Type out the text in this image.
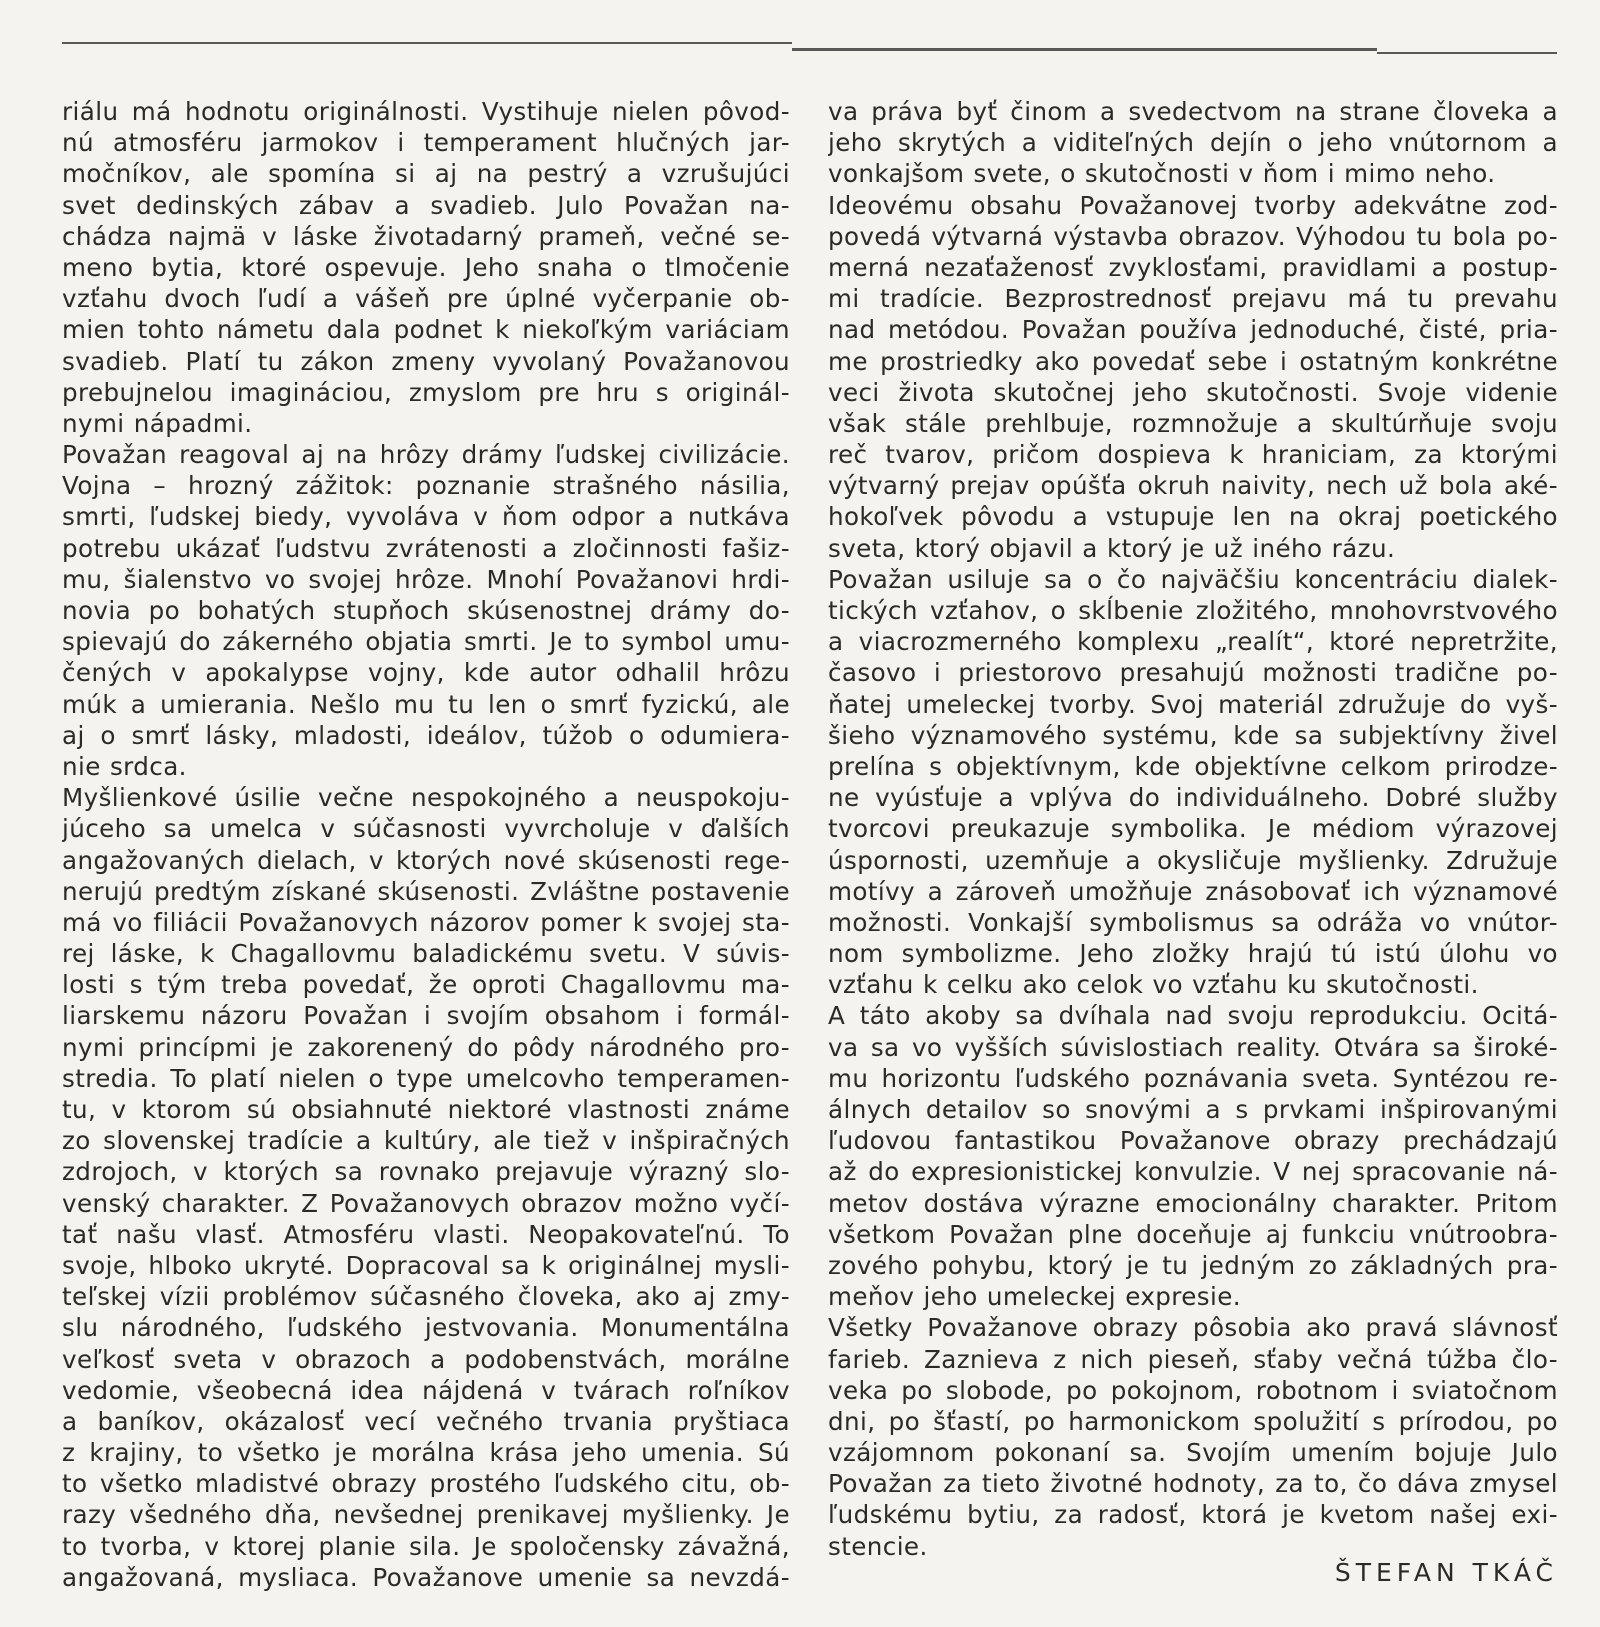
riálu má hodnotu originálnosti. Vystihuje nielen pôvod-
nú atmosféru jarmokov i temperament hlučných jar-
močníkov, ale spomína si aj na pestrý a vzrušujúci
svet dedinských zábav a svadieb. Julo Považan na-
chádza najmä v láske životadarný prameň, večné se-
meno bytia, ktoré ospevuje. Jeho snaha o tlmočenie
vzťahu dvoch ľudí a vášeň pre úplné vyčerpanie ob-
mien tohto námetu dala podnet k niekoľkým variáciam
svadieb. Platí tu zákon zmeny vyvolaný Považanovou
prebujnelou imagináciou, zmyslom pre hru s originál-
nymi nápadmi.
Považan reagoval aj na hrôzy drámy ľudskej civilizácie.
Vojna – hrozný zážitok: poznanie strašného násilia,
smrti, ľudskej biedy, vyvoláva v ňom odpor a nutkáva
potrebu ukázať ľudstvu zvrátenosti a zločinnosti fašiz-
mu, šialenstvo vo svojej hrôze. Mnohí Považanovi hrdi-
novia po bohatých stupňoch skúsenostnej drámy do-
spievajú do zákerného objatia smrti. Je to symbol umu-
čených v apokalypse vojny, kde autor odhalil hrôzu
múk a umierania. Nešlo mu tu len o smrť fyzickú, ale
aj o smrť lásky, mladosti, ideálov, túžob o odumiera-
nie srdca.
Myšlienkové úsilie večne nespokojného a neuspokoju-
júceho sa umelca v súčasnosti vyvrcholuje v ďalších
angažovaných dielach, v ktorých nové skúsenosti rege-
nerujú predtým získané skúsenosti. Zvláštne postavenie
má vo filiácii Považanovych názorov pomer k svojej sta-
rej láske, k Chagallovmu baladickému svetu. V súvis-
losti s tým treba povedať, že oproti Chagallovmu ma-
liarskemu názoru Považan i svojím obsahom i formál-
nymi princípmi je zakorenený do pôdy národného pro-
stredia. To platí nielen o type umelcovho temperamen-
tu, v ktorom sú obsiahnuté niektoré vlastnosti známe
zo slovenskej tradície a kultúry, ale tiež v inšpiračných
zdrojoch, v ktorých sa rovnako prejavuje výrazný slo-
venský charakter. Z Považanovych obrazov možno vyčí-
tať našu vlasť. Atmosféru vlasti. Neopakovateľnú. To
svoje, hlboko ukryté. Dopracoval sa k originálnej mysli-
teľskej vízii problémov súčasného človeka, ako aj zmy-
slu národného, ľudského jestvovania. Monumentálna
veľkosť sveta v obrazoch a podobenstvách, morálne
vedomie, všeobecná idea nájdená v tvárach roľníkov
a baníkov, okázalosť vecí večného trvania pryštiaca
z krajiny, to všetko je morálna krása jeho umenia. Sú
to všetko mladistvé obrazy prostého ľudského citu, ob-
razy všedného dňa, nevšednej prenikavej myšlienky. Je
to tvorba, v ktorej planie sila. Je spoločensky závažná,
angažovaná, mysliaca. Považanove umenie sa nevzdá-
va práva byť činom a svedectvom na strane človeka a
jeho skrytých a viditeľných dejín o jeho vnútornom a
vonkajšom svete, o skutočnosti v ňom i mimo neho.
Ideovému obsahu Považanovej tvorby adekvátne zod-
povedá výtvarná výstavba obrazov. Výhodou tu bola po-
merná nezaťaženosť zvyklosťami, pravidlami a postup-
mi tradície. Bezprostrednosť prejavu má tu prevahu
nad metódou. Považan používa jednoduché, čisté, pria-
me prostriedky ako povedať sebe i ostatným konkrétne
veci života skutočnej jeho skutočnosti. Svoje videnie
však stále prehlbuje, rozmnožuje a skultúrňuje svoju
reč tvarov, pričom dospieva k hraniciam, za ktorými
výtvarný prejav opúšťa okruh naivity, nech už bola aké-
hokoľvek pôvodu a vstupuje len na okraj poetického
sveta, ktorý objavil a ktorý je už iného rázu.
Považan usiluje sa o čo najväčšiu koncentráciu dialek-
tických vzťahov, o skĺbenie zložitého, mnohovrstvového
a viacrozmerného komplexu „realít“, ktoré nepretržite,
časovo i priestorovo presahujú možnosti tradične po-
ňatej umeleckej tvorby. Svoj materiál združuje do vyš-
šieho významového systému, kde sa subjektívny živel
prelína s objektívnym, kde objektívne celkom prirodze-
ne vyúsťuje a vplýva do individuálneho. Dobré služby
tvorcovi preukazuje symbolika. Je médiom výrazovej
úspornosti, uzemňuje a okysličuje myšlienky. Združuje
motívy a zároveň umožňuje znásobovať ich významové
možnosti. Vonkajší symbolismus sa odráža vo vnútor-
nom symbolizme. Jeho zložky hrajú tú istú úlohu vo
vzťahu k celku ako celok vo vzťahu ku skutočnosti.
A táto akoby sa dvíhala nad svoju reprodukciu. Ocitá-
va sa vo vyšších súvislostiach reality. Otvára sa široké-
mu horizontu ľudského poznávania sveta. Syntézou re-
álnych detailov so snovými a s prvkami inšpirovanými
ľudovou fantastikou Považanove obrazy prechádzajú
až do expresionistickej konvulzie. V nej spracovanie ná-
metov dostáva výrazne emocionálny charakter. Pritom
všetkom Považan plne doceňuje aj funkciu vnútroobra-
zového pohybu, ktorý je tu jedným zo základných pra-
meňov jeho umeleckej expresie.
Všetky Považanove obrazy pôsobia ako pravá slávnosť
farieb. Zaznieva z nich pieseň, sťaby večná túžba člo-
veka po slobode, po pokojnom, robotnom i sviatočnom
dni, po šťastí, po harmonickom spolužití s prírodou, po
vzájomnom pokonaní sa. Svojím umením bojuje Julo
Považan za tieto životné hodnoty, za to, čo dáva zmysel
ľudskému bytiu, za radosť, ktorá je kvetom našej exi-
stencie.
ŠTEFAN TKÁČ
